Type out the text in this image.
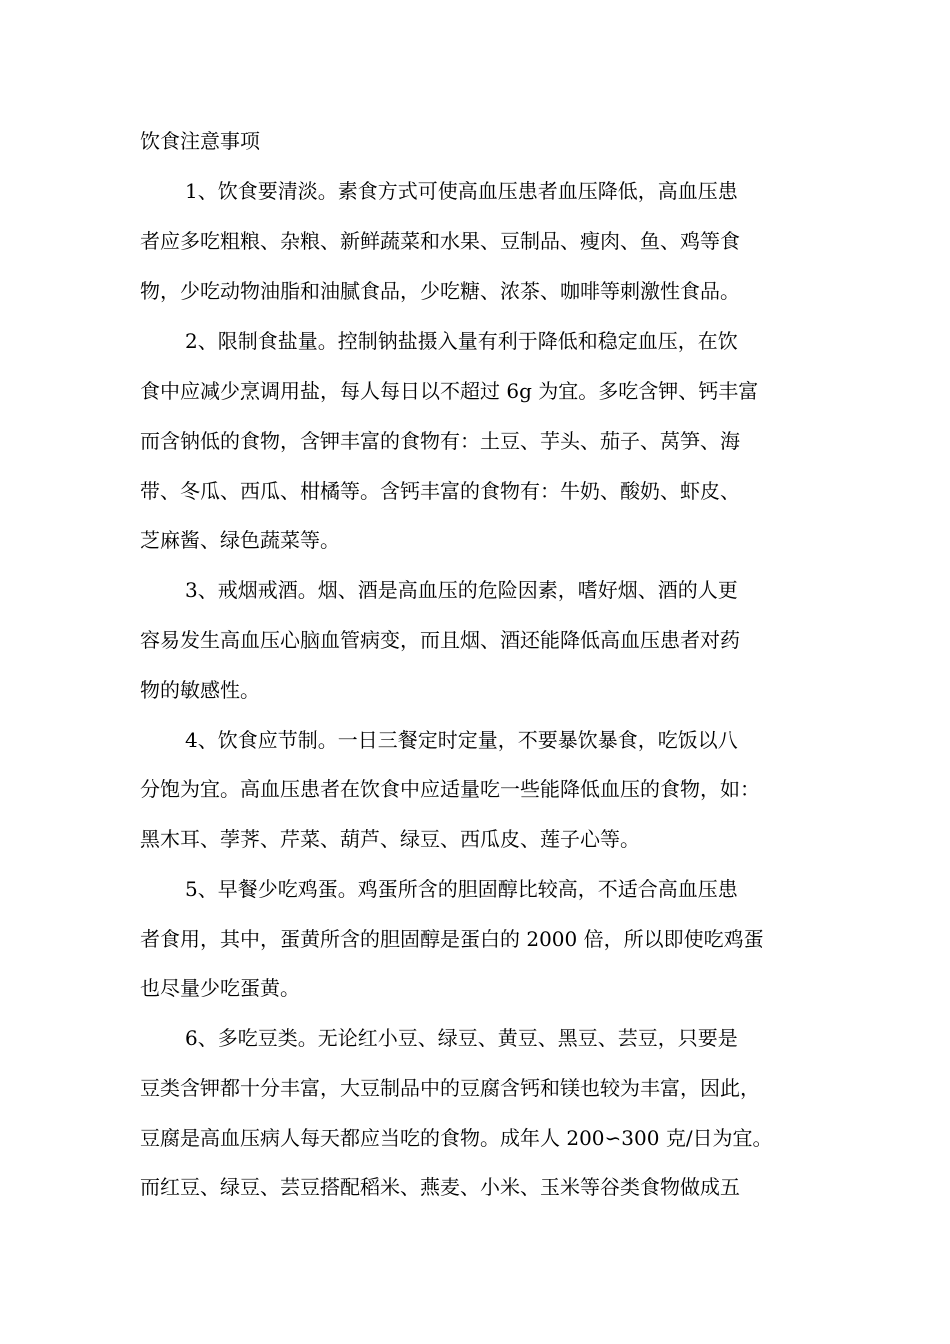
饮食注意事项
1、饮食要清淡。素食方式可使高血压患者血压降低，高血压患
者应多吃粗粮、杂粮、新鲜蔬菜和水果、豆制品、瘦肉、鱼、鸡等食
物，少吃动物油脂和油腻食品，少吃糖、浓茶、咖啡等刺激性食品。
2、限制食盐量。控制钠盐摄入量有利于降低和稳定血压，在饮
食中应减少烹调用盐，每人每日以不超过 6g 为宜。多吃含钾、钙丰富
而含钠低的食物，含钾丰富的食物有：土豆、芋头、茄子、莴笋、海
带、冬瓜、西瓜、柑橘等。含钙丰富的食物有：牛奶、酸奶、虾皮、
芝麻酱、绿色蔬菜等。
3、戒烟戒酒。烟、酒是高血压的危险因素，嗜好烟、酒的人更
容易发生高血压心脑血管病变，而且烟、酒还能降低高血压患者对药
物的敏感性。
4、饮食应节制。一日三餐定时定量，不要暴饮暴食，吃饭以八
分饱为宜。高血压患者在饮食中应适量吃一些能降低血压的食物，如：
黑木耳、荸荠、芹菜、葫芦、绿豆、西瓜皮、莲子心等。
5、早餐少吃鸡蛋。鸡蛋所含的胆固醇比较高，不适合高血压患
者食用，其中，蛋黄所含的胆固醇是蛋白的 2000 倍，所以即使吃鸡蛋
也尽量少吃蛋黄。
6、多吃豆类。无论红小豆、绿豆、黄豆、黑豆、芸豆，只要是
豆类含钾都十分丰富，大豆制品中的豆腐含钙和镁也较为丰富，因此，
豆腐是高血压病人每天都应当吃的食物。成年人 200∽300 克/日为宜。
而红豆、绿豆、芸豆搭配稻米、燕麦、小米、玉米等谷类食物做成五
